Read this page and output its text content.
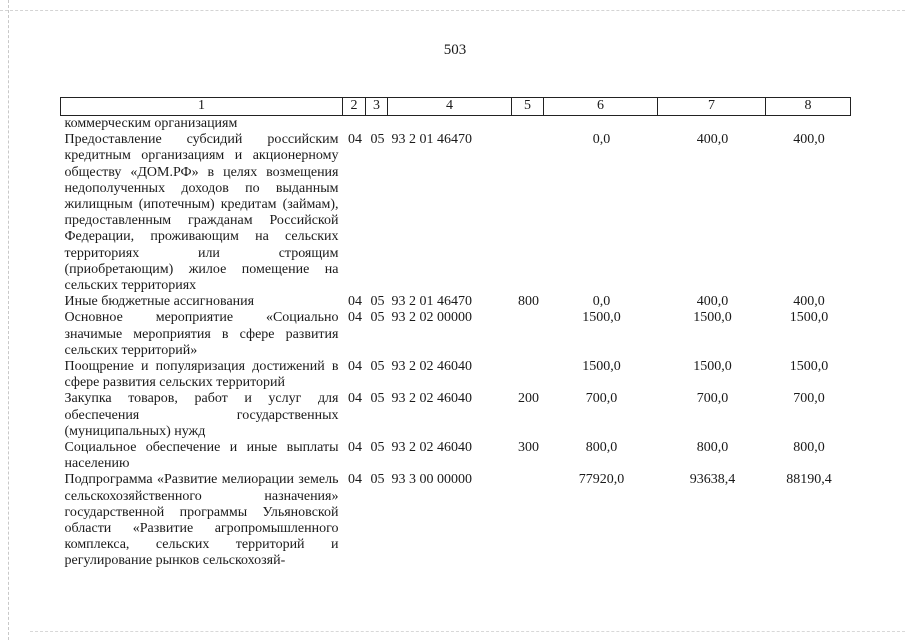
503
1	2	3	4	5	6	7	8
коммерческим организациям							
Предоставление субсидий российским кредитным организациям и акционерному обществу «ДОМ.РФ» в целях возмещения недополученных доходов по выданным жилищным (ипотечным) кредитам (займам), предоставленным гражданам Российской Федерации, проживающим на сельских территориях или строящим (приобретающим) жилое помещение на сельских территориях	04	05	93 2 01 46470		0,0	400,0	400,0
Иные бюджетные ассигнования	04	05	93 2 01 46470	800	0,0	400,0	400,0
Основное мероприятие «Социально значимые мероприятия в сфере развития сельских территорий»	04	05	93 2 02 00000		1500,0	1500,0	1500,0
Поощрение и популяризация достижений в сфере развития сельских территорий	04	05	93 2 02 46040		1500,0	1500,0	1500,0
Закупка товаров, работ и услуг для обеспечения государственных (муниципальных) нужд	04	05	93 2 02 46040	200	700,0	700,0	700,0
Социальное обеспечение и иные выплаты населению	04	05	93 2 02 46040	300	800,0	800,0	800,0
Подпрограмма «Развитие мелиорации земель сельскохозяйственного назначения» государственной программы Ульяновской области «Развитие агропромышленного комплекса, сельских территорий и регулирование рынков сельскохозяй-	04	05	93 3 00 00000		77920,0	93638,4	88190,4
